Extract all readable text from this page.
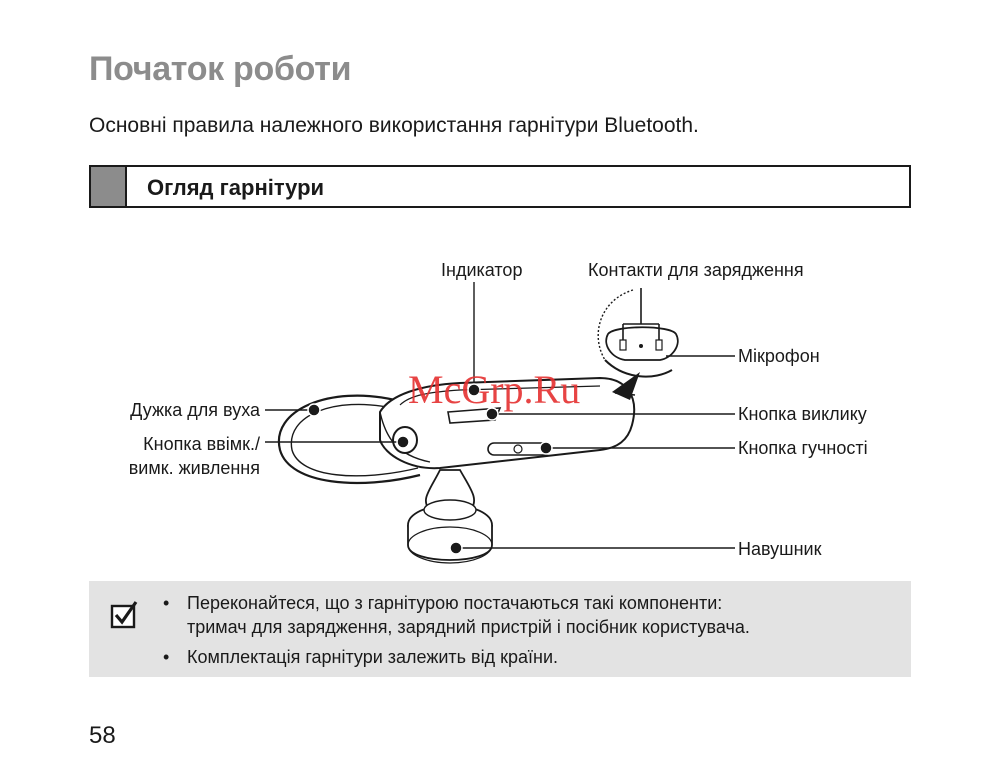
Початок роботи
Основні правила належного використання гарнітури Bluetooth.
Огляд гарнітури
Індикатор	Контакти для зарядження
Мікрофон
Дужка для вуха
Кнопка ввімк./
вимк. живлення
Кнопка виклику
Кнопка гучності
Навушник
McGrp.Ru
• Переконайтеся, що з гарнітурою постачаються такі компоненти:
тримач для зарядження, зарядний пристрій і посібник користувача.
• Комплектація гарнітури залежить від країни.
58
